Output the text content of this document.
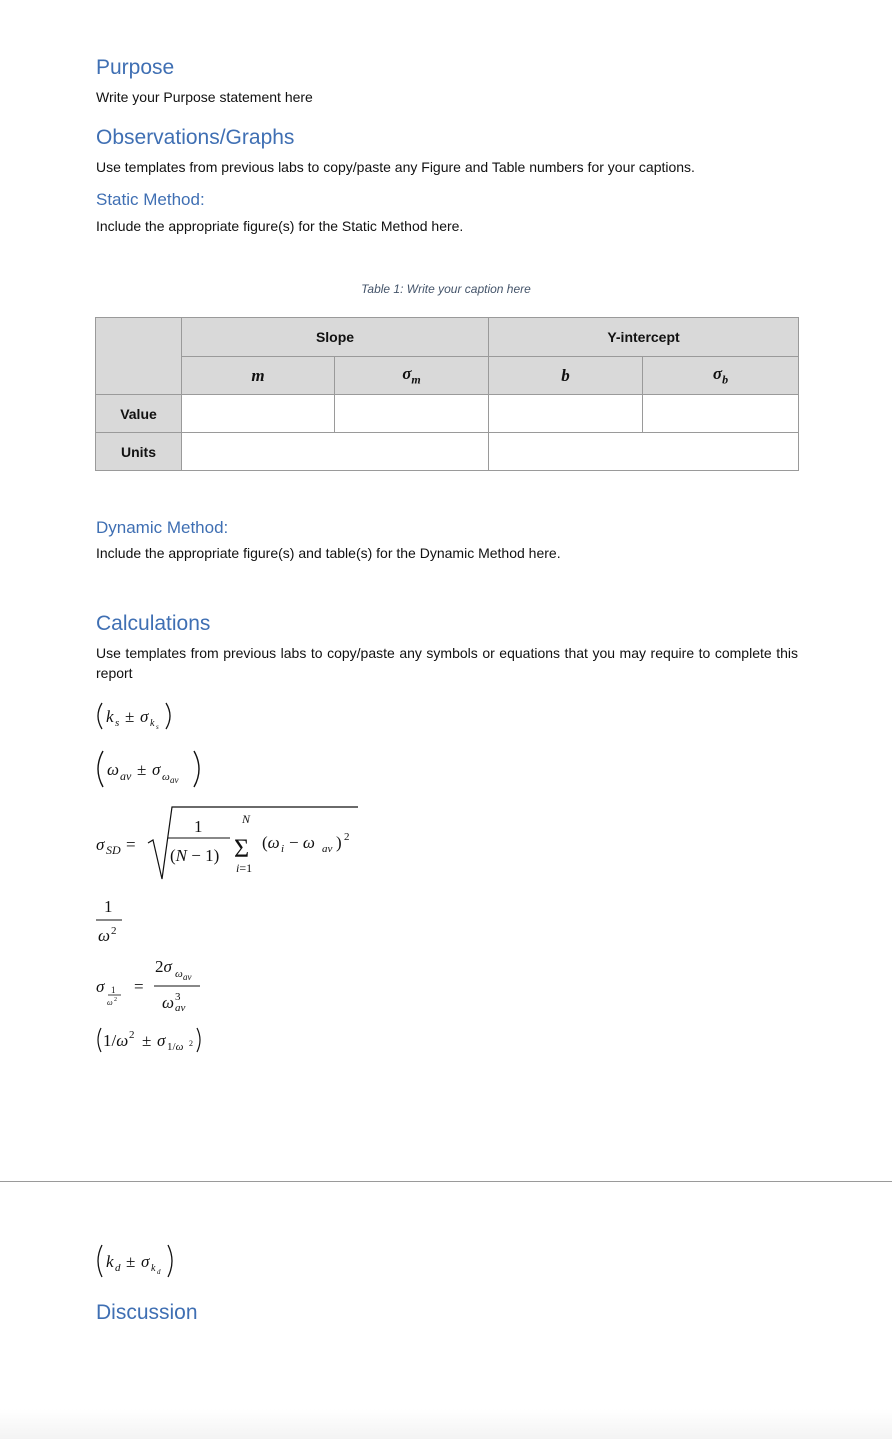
Purpose

Write your Purpose statement here

Observations/Graphs

Use templates from previous labs to copy/paste any Figure and Table numbers for your captions.

Static Method:

Include the appropriate figure(s) for the Static Method here.

Table 1: Write your caption here
	Slope		Y-intercept	
	m	$\sigma_m$	b	$\sigma_b$
Value				
Units				
Dynamic Method:

Include the appropriate figure(s) and table(s) for the Dynamic Method here.

Calculations

Use templates from previous labs to copy/paste any symbols or equations that you may require to complete this report

k s ± σ k s
ω av ± σ ω av
σ SD =
1
(N − 1)
N
Σ
i=1
(ω i − ω av ) 2
1
ω 2
σ 1
ω 2
=
2σ ω av
ω 3
av
1/ω 2 ± σ 1/ω 2
k d ± σ k d
Discussion
